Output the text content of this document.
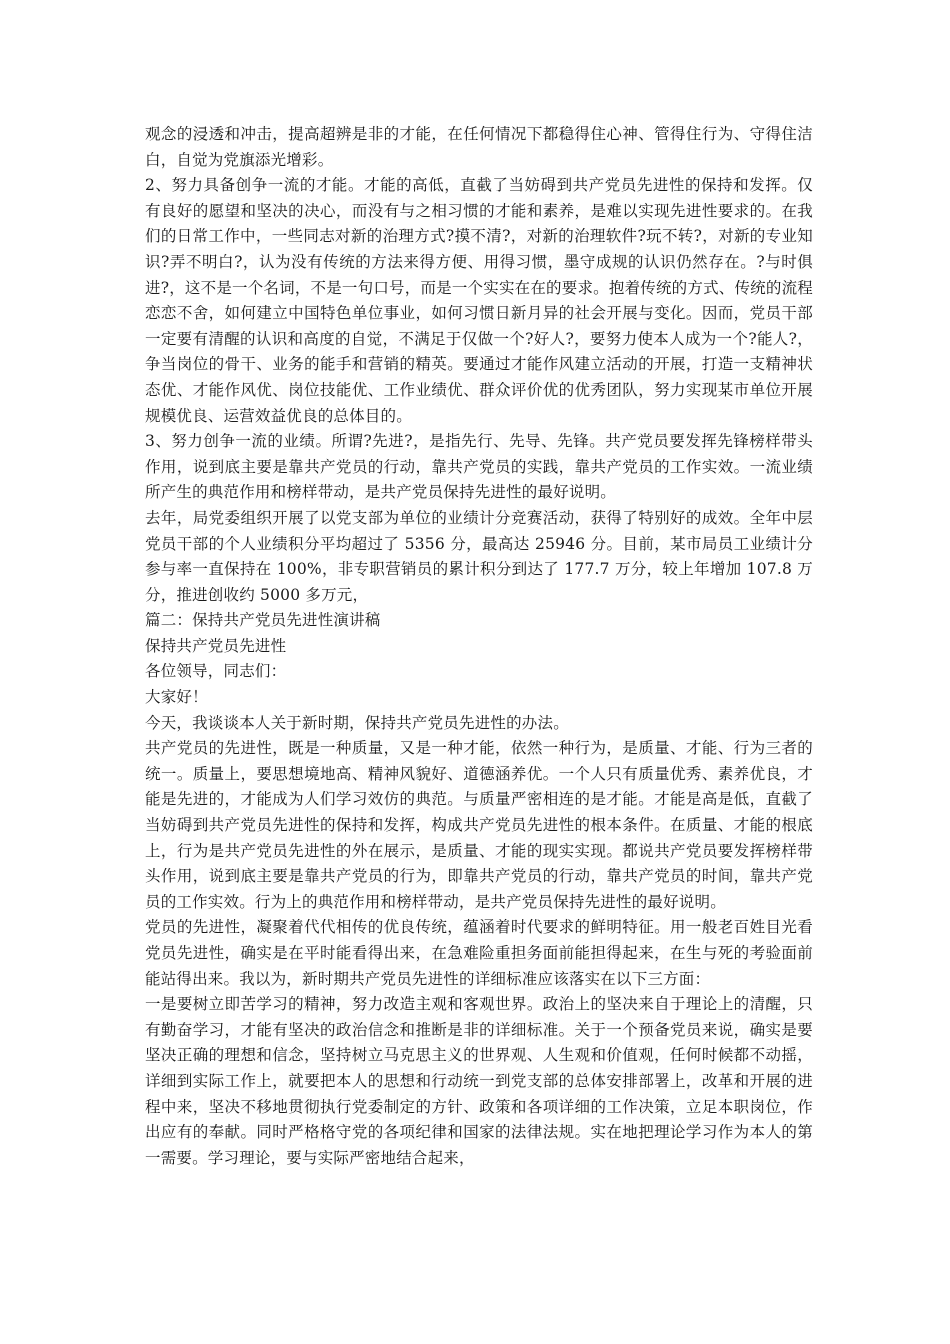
观念的浸透和冲击，提高超辨是非的才能，在任何情况下都稳得住心神、管得住行为、守得住洁白，自觉为党旗添光增彩。

2、努力具备创争一流的才能。才能的高低，直截了当妨碍到共产党员先进性的保持和发挥。仅有良好的愿望和坚决的决心，而没有与之相习惯的才能和素养，是难以实现先进性要求的。在我们的日常工作中，一些同志对新的治理方式?摸不清?，对新的治理软件?玩不转?，对新的专业知识?弄不明白?，认为没有传统的方法来得方便、用得习惯，墨守成规的认识仍然存在。?与时俱进?，这不是一个名词，不是一句口号，而是一个实实在在的要求。抱着传统的方式、传统的流程恋恋不舍，如何建立中国特色单位事业，如何习惯日新月异的社会开展与变化。因而，党员干部一定要有清醒的认识和高度的自觉，不满足于仅做一个?好人?，要努力使本人成为一个?能人?，争当岗位的骨干、业务的能手和营销的精英。要通过才能作风建立活动的开展，打造一支精神状态优、才能作风优、岗位技能优、工作业绩优、群众评价优的优秀团队，努力实现某市单位开展规模优良、运营效益优良的总体目的。

3、努力创争一流的业绩。所谓?先进?，是指先行、先导、先锋。共产党员要发挥先锋榜样带头作用，说到底主要是靠共产党员的行动，靠共产党员的实践，靠共产党员的工作实效。一流业绩所产生的典范作用和榜样带动，是共产党员保持先进性的最好说明。

去年，局党委组织开展了以党支部为单位的业绩计分竞赛活动，获得了特别好的成效。全年中层党员干部的个人业绩积分平均超过了 5356 分，最高达 25946 分。目前，某市局员工业绩计分参与率一直保持在 100%，非专职营销员的累计积分到达了 177.7 万分，较上年增加 107.8 万分，推进创收约 5000 多万元，

篇二：保持共产党员先进性演讲稿

保持共产党员先进性

各位领导，同志们：

大家好！

今天，我谈谈本人关于新时期，保持共产党员先进性的办法。

共产党员的先进性，既是一种质量，又是一种才能，依然一种行为，是质量、才能、行为三者的统一。质量上，要思想境地高、精神风貌好、道德涵养优。一个人只有质量优秀、素养优良，才能是先进的，才能成为人们学习效仿的典范。与质量严密相连的是才能。才能是高是低，直截了当妨碍到共产党员先进性的保持和发挥，构成共产党员先进性的根本条件。在质量、才能的根底上，行为是共产党员先进性的外在展示，是质量、才能的现实实现。都说共产党员要发挥榜样带头作用，说到底主要是靠共产党员的行为，即靠共产党员的行动，靠共产党员的时间，靠共产党员的工作实效。行为上的典范作用和榜样带动，是共产党员保持先进性的最好说明。

党员的先进性，凝聚着代代相传的优良传统，蕴涵着时代要求的鲜明特征。用一般老百姓目光看党员先进性，确实是在平时能看得出来，在急难险重担务面前能担得起来，在生与死的考验面前能站得出来。我以为，新时期共产党员先进性的详细标准应该落实在以下三方面：

一是要树立即苦学习的精神，努力改造主观和客观世界。政治上的坚决来自于理论上的清醒，只有勤奋学习，才能有坚决的政治信念和推断是非的详细标准。关于一个预备党员来说，确实是要坚决正确的理想和信念，坚持树立马克思主义的世界观、人生观和价值观，任何时候都不动摇，详细到实际工作上，就要把本人的思想和行动统一到党支部的总体安排部署上，改革和开展的进程中来，坚决不移地贯彻执行党委制定的方针、政策和各项详细的工作决策，立足本职岗位，作出应有的奉献。同时严格格守党的各项纪律和国家的法律法规。实在地把理论学习作为本人的第一需要。学习理论，要与实际严密地结合起来，
